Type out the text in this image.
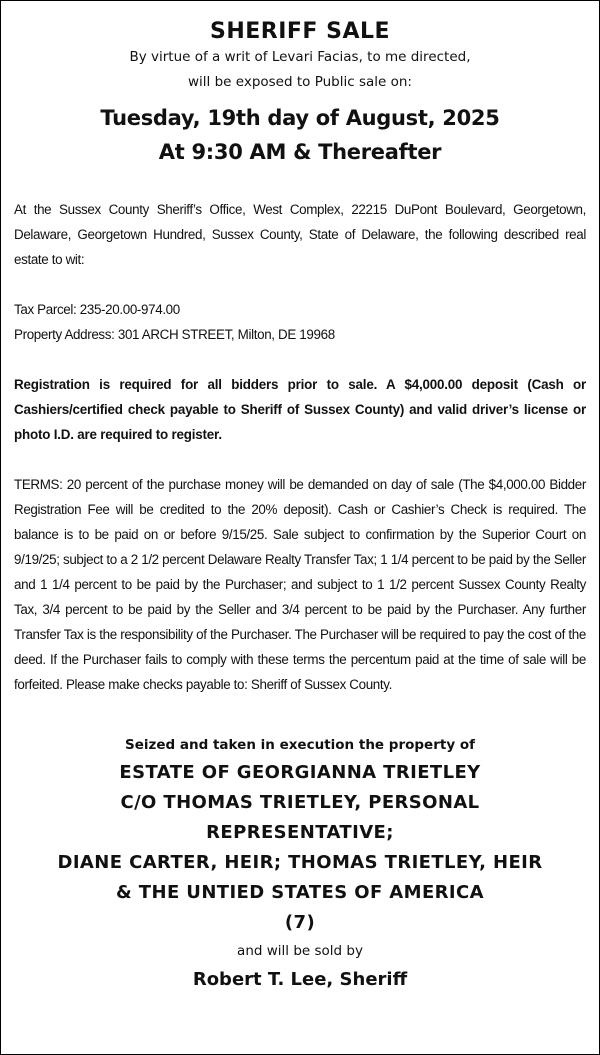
SHERIFF SALE

By virtue of a writ of Levari Facias, to me directed,

will be exposed to Public sale on:

Tuesday, 19th day of August, 2025

At 9:30 AM & Thereafter

At the Sussex County Sheriff’s Office, West Complex, 22215 DuPont Boulevard, Georgetown, Delaware, Georgetown Hundred, Sussex County, State of Delaware, the following described real estate to wit:

Tax Parcel: 235-20.00-974.00

Property Address: 301 ARCH STREET, Milton, DE 19968

Registration is required for all bidders prior to sale. A $4,000.00 deposit (Cash or Cashiers/certified check payable to Sheriff of Sussex County) and valid driver’s license or photo I.D. are required to register.

TERMS: 20 percent of the purchase money will be demanded on day of sale (The $4,000.00 Bidder Registration Fee will be credited to the 20% deposit). Cash or Cashier’s Check is required. The balance is to be paid on or before 9/15/25. Sale subject to confirmation by the Superior Court on 9/19/25; subject to a 2 1/2 percent Delaware Realty Transfer Tax; 1 1/4 percent to be paid by the Seller and 1 1/4 percent to be paid by the Purchaser; and subject to 1 1/2 percent Sussex County Realty Tax, 3/4 percent to be paid by the Seller and 3/4 percent to be paid by the Purchaser. Any further Transfer Tax is the responsibility of the Purchaser. The Purchaser will be required to pay the cost of the deed. If the Purchaser fails to comply with these terms the percentum paid at the time of sale will be forfeited. Please make checks payable to: Sheriff of Sussex County.

Seized and taken in execution the property of

ESTATE OF GEORGIANNA TRIETLEY

C/O THOMAS TRIETLEY, PERSONAL

REPRESENTATIVE;

DIANE CARTER, HEIR; THOMAS TRIETLEY, HEIR

& THE UNTIED STATES OF AMERICA

(7)

and will be sold by

Robert T. Lee, Sheriff
